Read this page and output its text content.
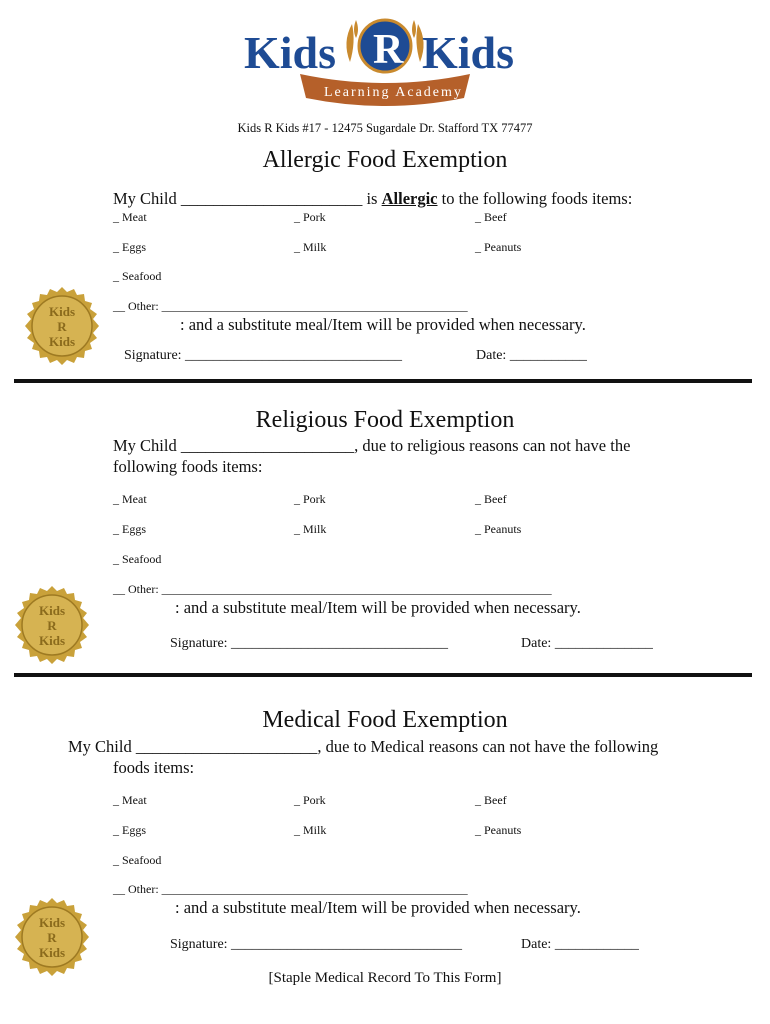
Kids R Kids
Learning Academy
Kids R Kids #17 - 12475 Sugardale Dr. Stafford TX 77477
Allergic Food Exemption
My Child ______________________ is Allergic to the following foods items:
_ Meat	_ Pork	_ Beef
_ Eggs	_ Milk	_ Peanuts
_ Seafood
__ Other: ___________________________________________________
: and a substitute meal/Item will be provided when necessary.
Signature: _______________________________	Date: ___________
Kids
R
Kids
Religious Food Exemption
My Child _____________________, due to religious reasons can not have the
following foods items:
_ Meat	_ Pork	_ Beef
_ Eggs	_ Milk	_ Peanuts
_ Seafood
__ Other: _________________________________________________________________
: and a substitute meal/Item will be provided when necessary.
Signature: _______________________________	Date: ______________
Kids
R
Kids
Medical Food Exemption
My Child ______________________, due to Medical reasons can not have the following
foods items:
_ Meat	_ Pork	_ Beef
_ Eggs	_ Milk	_ Peanuts
_ Seafood
__ Other: ___________________________________________________
: and a substitute meal/Item will be provided when necessary.
Signature: _________________________________	Date: ____________
Kids
R
Kids
[Staple Medical Record To This Form]
